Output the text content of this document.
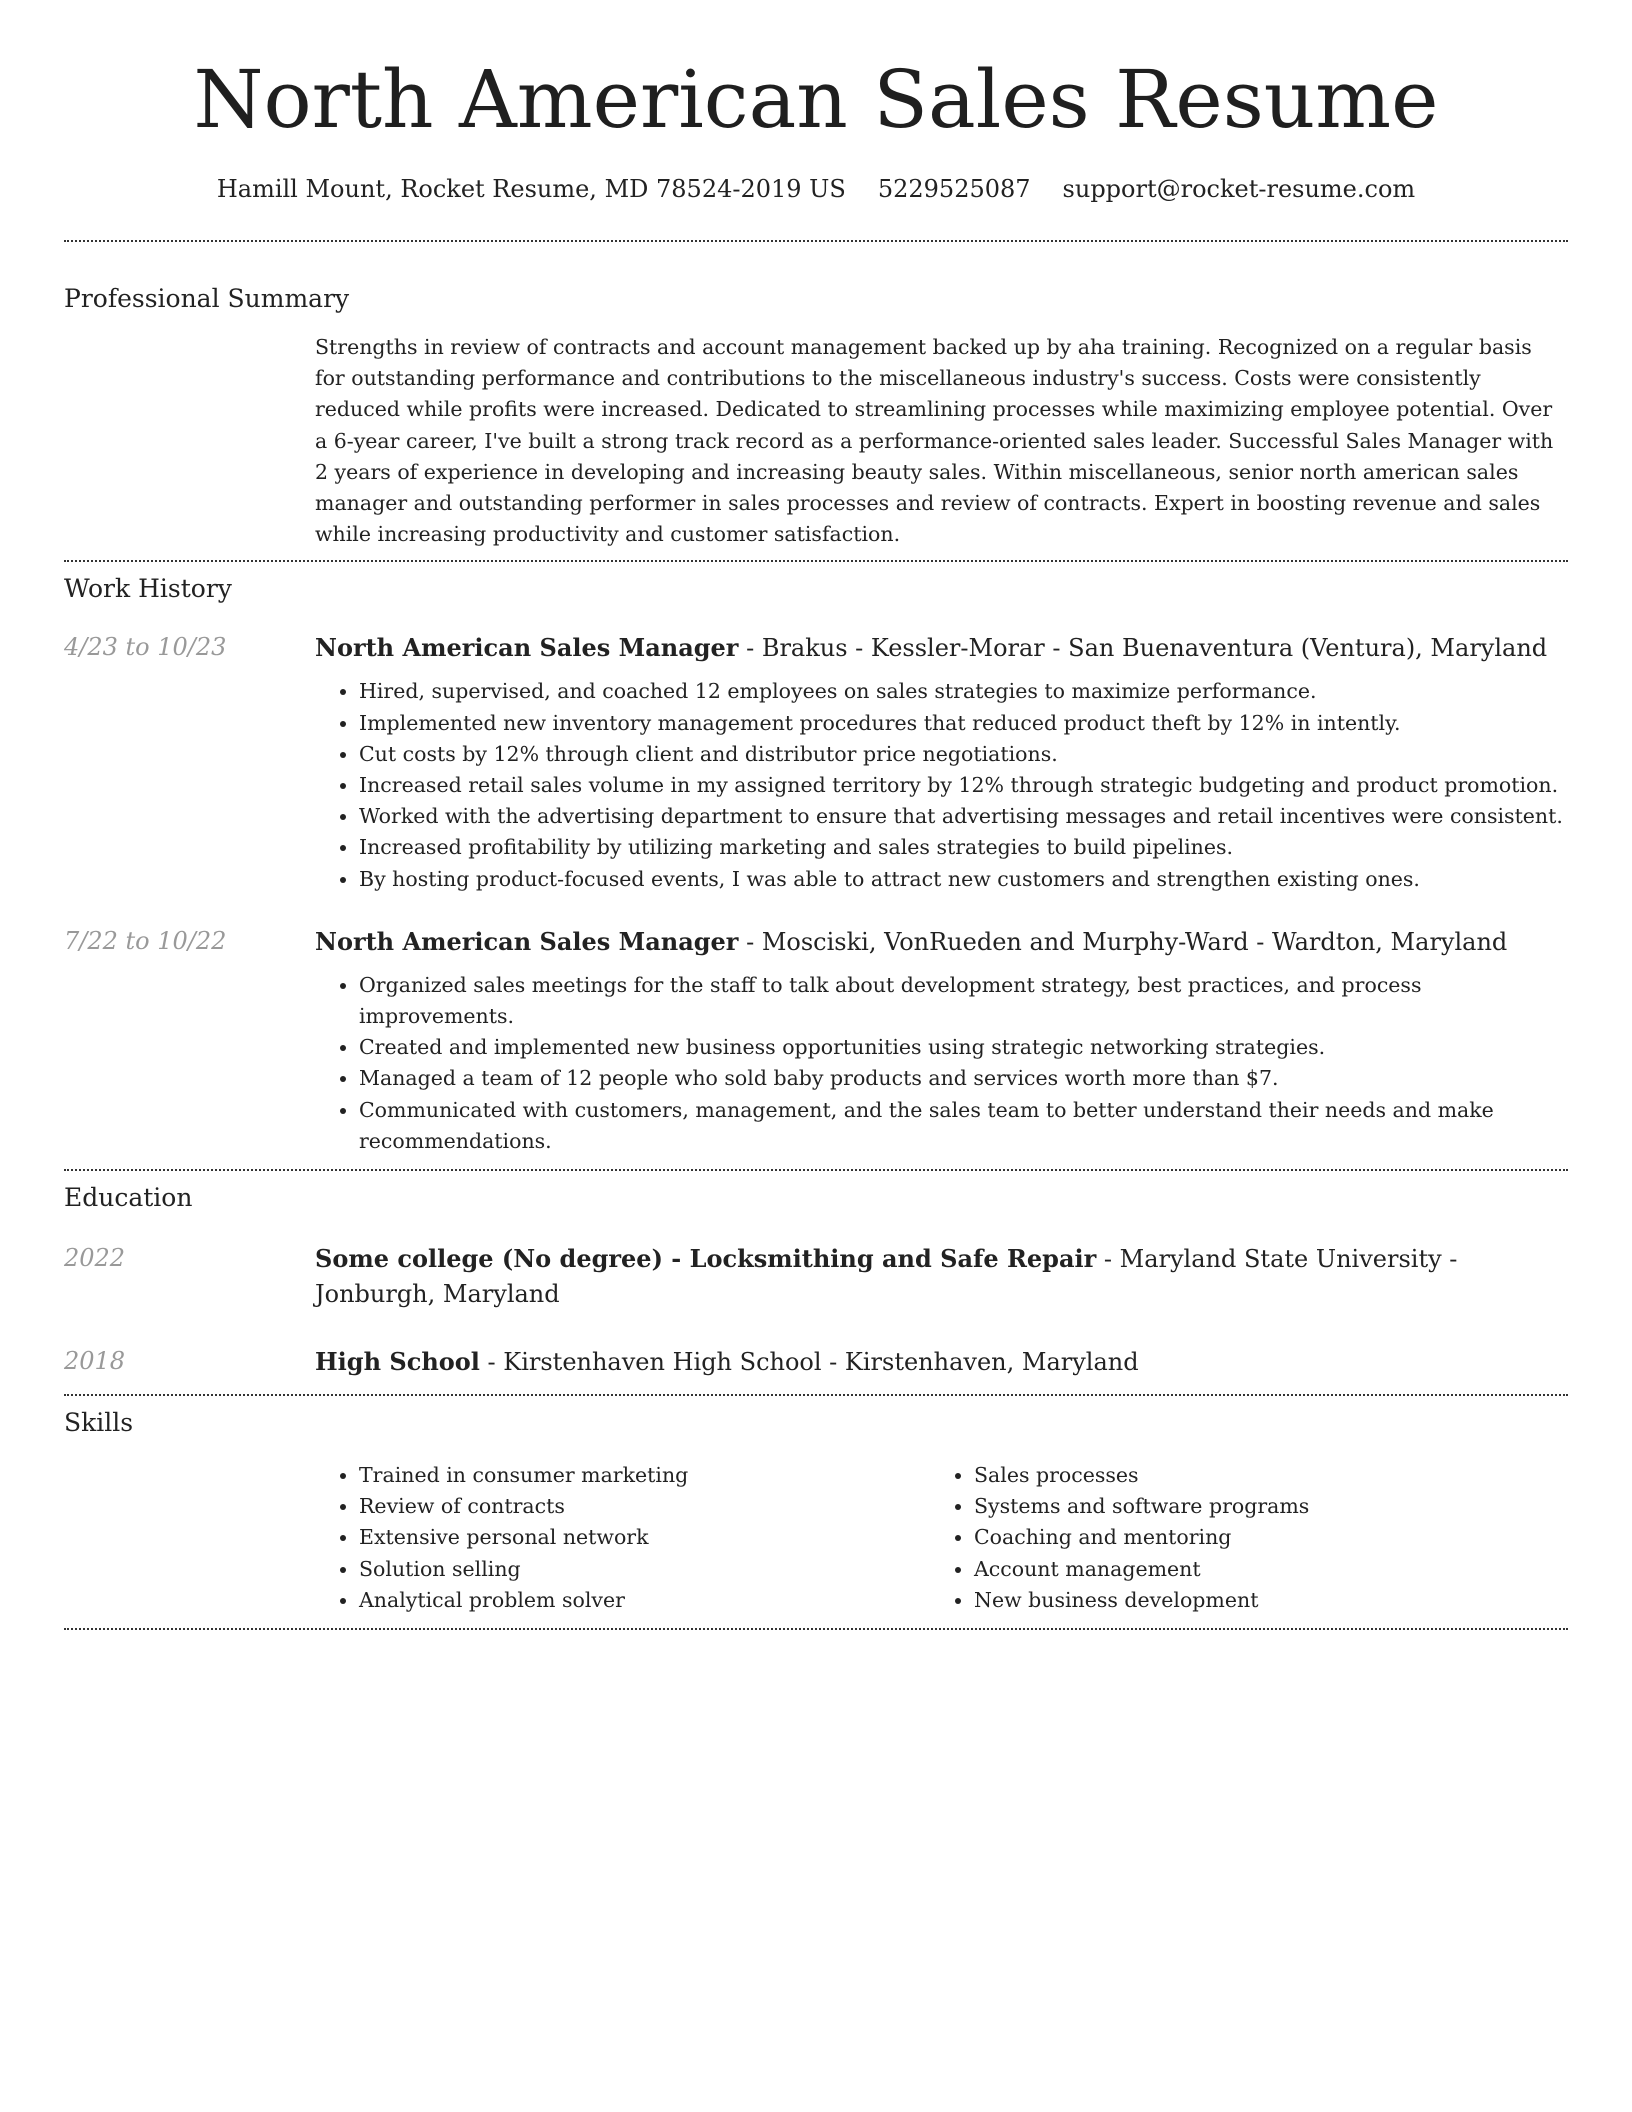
North American Sales Resume
Hamill Mount, Rocket Resume, MD 78524-2019 US 5229525087 support@rocket-resume.com
Professional Summary
Strengths in review of contracts and account management backed up by aha training. Recognized on a regular basis for outstanding performance and contributions to the miscellaneous industry's success. Costs were consistently reduced while profits were increased. Dedicated to streamlining processes while maximizing employee potential. Over a 6-year career, I've built a strong track record as a performance-oriented sales leader. Successful Sales Manager with 2 years of experience in developing and increasing beauty sales. Within miscellaneous, senior north american sales manager and outstanding performer in sales processes and review of contracts. Expert in boosting revenue and sales while increasing productivity and customer satisfaction.
Work History
4/23 to 10/23	North American Sales Manager - Brakus - Kessler-Morar - San Buenaventura (Ventura), Maryland
• Hired, supervised, and coached 12 employees on sales strategies to maximize performance.
• Implemented new inventory management procedures that reduced product theft by 12% in intently.
• Cut costs by 12% through client and distributor price negotiations.
• Increased retail sales volume in my assigned territory by 12% through strategic budgeting and product promotion.
• Worked with the advertising department to ensure that advertising messages and retail incentives were consistent.
• Increased profitability by utilizing marketing and sales strategies to build pipelines.
• By hosting product-focused events, I was able to attract new customers and strengthen existing ones.
7/22 to 10/22	North American Sales Manager - Mosciski, VonRueden and Murphy-Ward - Wardton, Maryland
• Organized sales meetings for the staff to talk about development strategy, best practices, and process improvements.
• Created and implemented new business opportunities using strategic networking strategies.
• Managed a team of 12 people who sold baby products and services worth more than $7.
• Communicated with customers, management, and the sales team to better understand their needs and make recommendations.
Education
2022	Some college (No degree) - Locksmithing and Safe Repair - Maryland State University - Jonburgh, Maryland
2018	High School - Kirstenhaven High School - Kirstenhaven, Maryland
Skills
• Trained in consumer marketing
• Review of contracts
• Extensive personal network
• Solution selling
• Analytical problem solver
• Sales processes
• Systems and software programs
• Coaching and mentoring
• Account management
• New business development
